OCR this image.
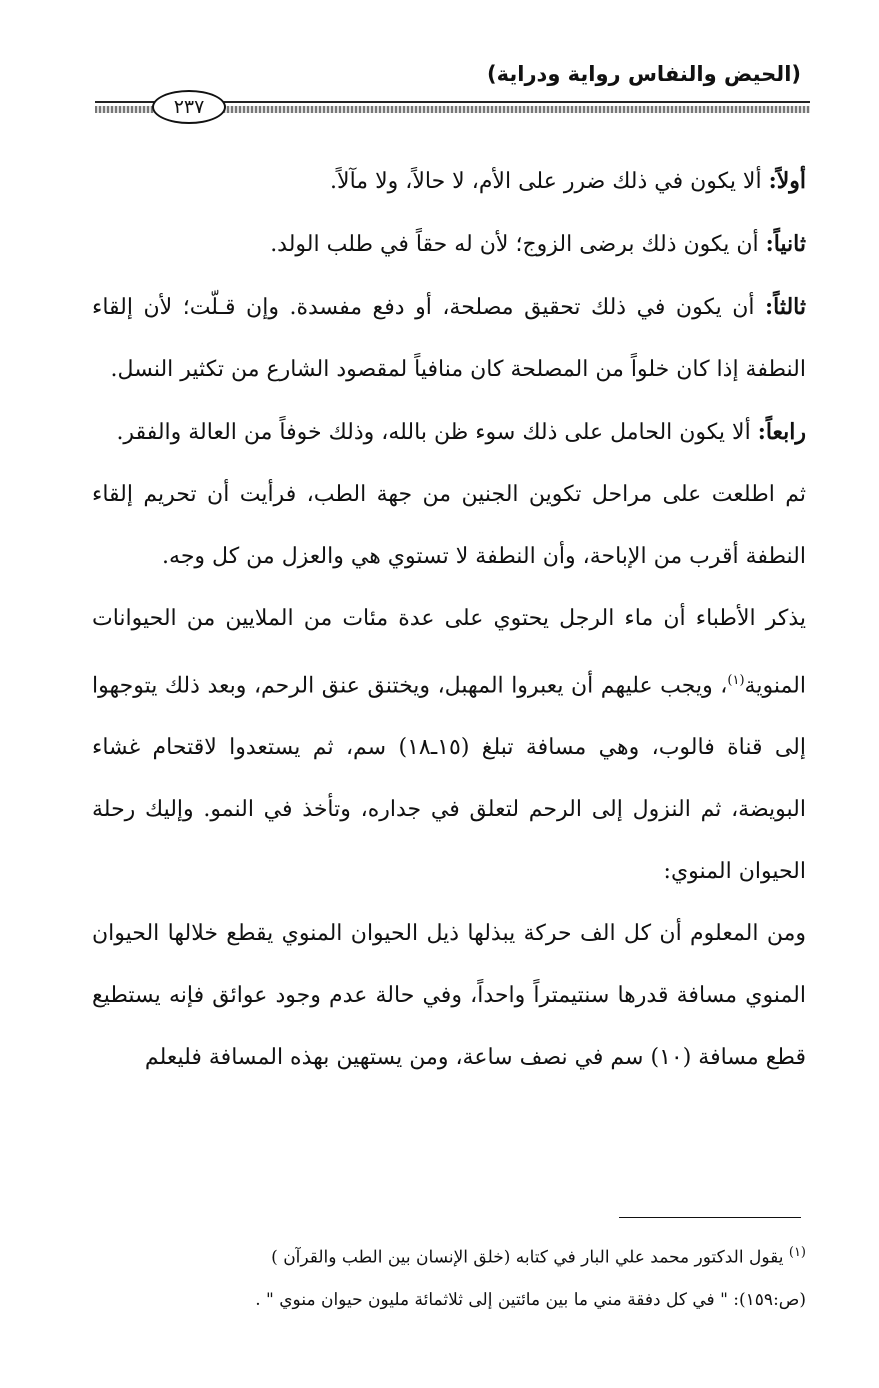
(الحيض والنفاس رواية ودراية)
٢٣٧

أولاً: ألا يكون في ذلك ضرر على الأم، لا حالاً، ولا مآلاً.

ثانياً: أن يكون ذلك برضى الزوج؛ لأن له حقاً في طلب الولد.

ثالثاً: أن يكون في ذلك تحقيق مصلحة، أو دفع مفسدة. وإن قـلّت؛ لأن إلقاء النطفة إذا كان خلواً من المصلحة كان منافياً لمقصود الشارع من تكثير النسل.

رابعاً: ألا يكون الحامل على ذلك سوء ظن بالله، وذلك خوفاً من العالة والفقر.

ثم اطلعت على مراحل تكوين الجنين من جهة الطب، فرأيت أن تحريم إلقاء النطفة أقرب من الإباحة، وأن النطفة لا تستوي هي والعزل من كل وجه.

يذكر الأطباء أن ماء الرجل يحتوي على عدة مئات من الملايين من الحيوانات المنوية$^{(١)}$، ويجب عليهم أن يعبروا المهبل، ويختنق عنق الرحم، وبعد ذلك يتوجهوا إلى قناة فالوب، وهي مسافة تبلغ (١٥ـ١٨) سم، ثم يستعدوا لاقتحام غشاء البويضة، ثم النزول إلى الرحم لتعلق في جداره، وتأخذ في النمو. وإليك رحلة الحيوان المنوي:

ومن المعلوم أن كل الف حركة يبذلها ذيل الحيوان المنوي يقطع خلالها الحيوان المنوي مسافة قدرها سنتيمتراً واحداً، وفي حالة عدم وجود عوائق فإنه يستطيع قطع مسافة (١٠) سم في نصف ساعة، ومن يستهين بهذه المسافة فليعلم

$^{(١)}$ يقول الدكتور محمد علي البار في كتابه (خلق الإنسان بين الطب والقرآن )

(ص:١٥٩): " في كل دفقة مني ما بين مائتين إلى ثلاثمائة مليون حيوان منوي " .
